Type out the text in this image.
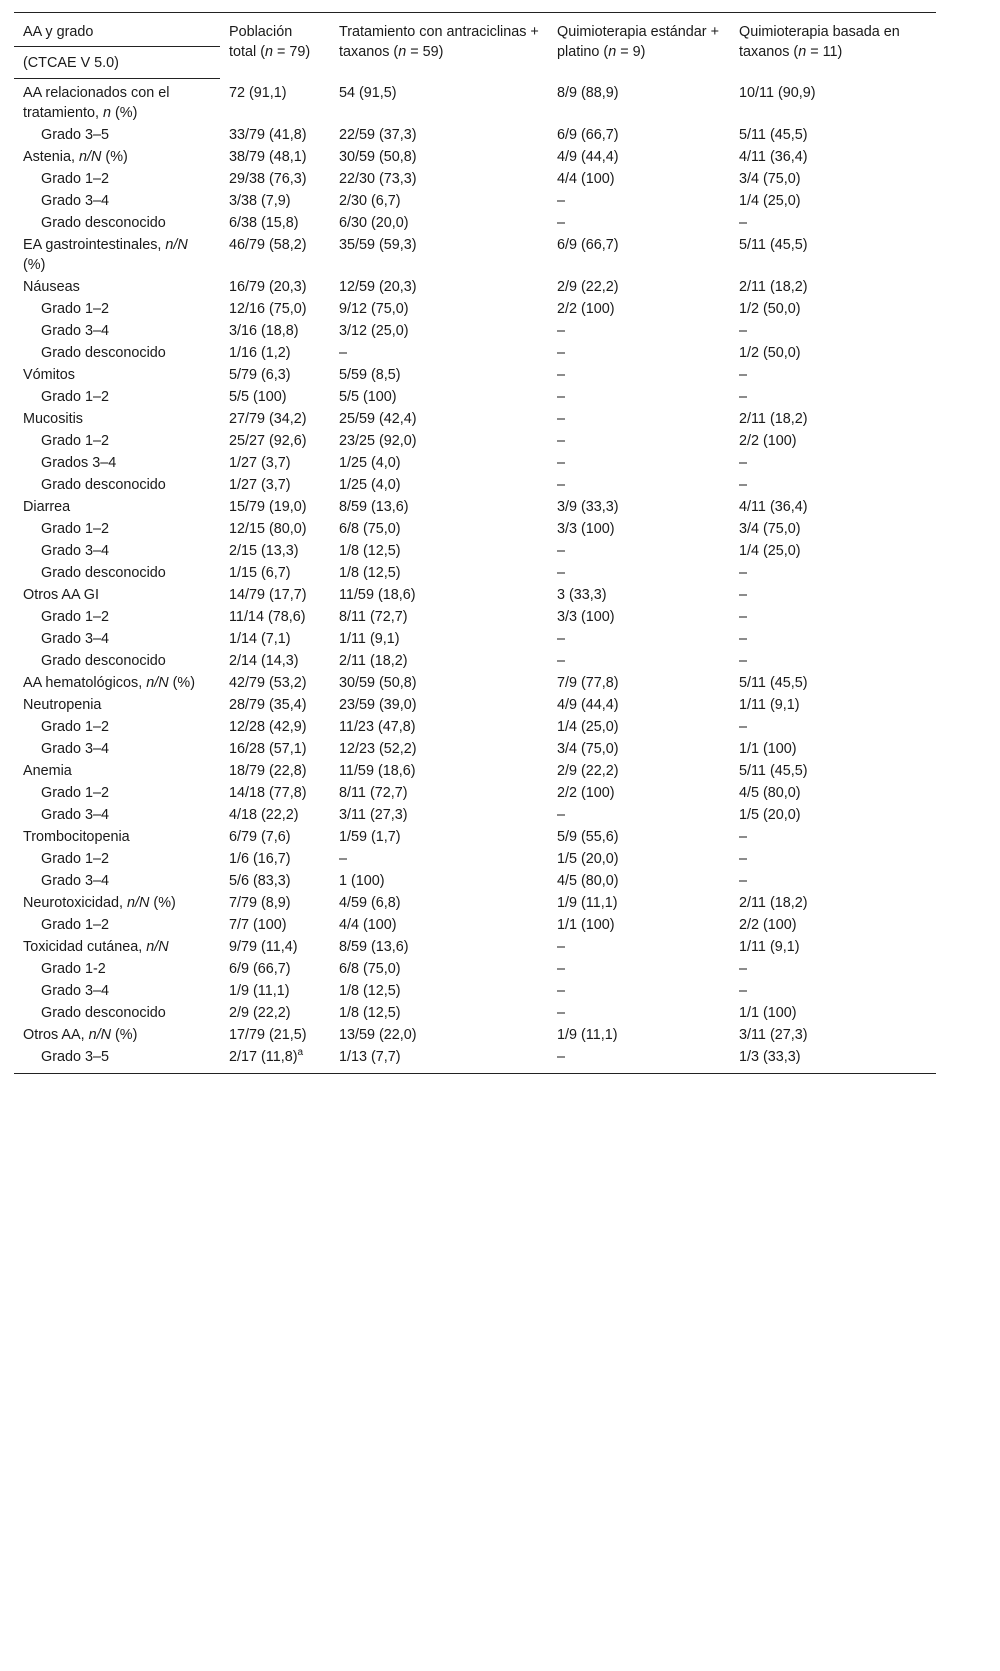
AA y grado	Población total (n = 79)	Tratamiento con antraciclinas + taxanos (n = 59)	Quimioterapia estándar + platino (n = 9)	Quimioterapia basada en taxanos (n = 11)
(CTCAE V 5.0)				
AA relacionados con el tratamiento, n (%)	72 (91,1)	54 (91,5)	8/9 (88,9)	10/11 (90,9)
Grado 3–5	33/79 (41,8)	22/59 (37,3)	6/9 (66,7)	5/11 (45,5)
Astenia, n/N (%)	38/79 (48,1)	30/59 (50,8)	4/9 (44,4)	4/11 (36,4)
Grado 1–2	29/38 (76,3)	22/30 (73,3)	4/4 (100)	3/4 (75,0)
Grado 3–4	3/38 (7,9)	2/30 (6,7)	–	1/4 (25,0)
Grado desconocido	6/38 (15,8)	6/30 (20,0)	–	–
EA gastrointestinales, n/N (%)	46/79 (58,2)	35/59 (59,3)	6/9 (66,7)	5/11 (45,5)
Náuseas	16/79 (20,3)	12/59 (20,3)	2/9 (22,2)	2/11 (18,2)
Grado 1–2	12/16 (75,0)	9/12 (75,0)	2/2 (100)	1/2 (50,0)
Grado 3–4	3/16 (18,8)	3/12 (25,0)	–	–
Grado desconocido	1/16 (1,2)	–	–	1/2 (50,0)
Vómitos	5/79 (6,3)	5/59 (8,5)	–	–
Grado 1–2	5/5 (100)	5/5 (100)	–	–
Mucositis	27/79 (34,2)	25/59 (42,4)	–	2/11 (18,2)
Grado 1–2	25/27 (92,6)	23/25 (92,0)	–	2/2 (100)
Grados 3–4	1/27 (3,7)	1/25 (4,0)	–	–
Grado desconocido	1/27 (3,7)	1/25 (4,0)	–	–
Diarrea	15/79 (19,0)	8/59 (13,6)	3/9 (33,3)	4/11 (36,4)
Grado 1–2	12/15 (80,0)	6/8 (75,0)	3/3 (100)	3/4 (75,0)
Grado 3–4	2/15 (13,3)	1/8 (12,5)	–	1/4 (25,0)
Grado desconocido	1/15 (6,7)	1/8 (12,5)	–	–
Otros AA GI	14/79 (17,7)	11/59 (18,6)	3 (33,3)	–
Grado 1–2	11/14 (78,6)	8/11 (72,7)	3/3 (100)	–
Grado 3–4	1/14 (7,1)	1/11 (9,1)	–	–
Grado desconocido	2/14 (14,3)	2/11 (18,2)	–	–
AA hematológicos, n/N (%)	42/79 (53,2)	30/59 (50,8)	7/9 (77,8)	5/11 (45,5)
Neutropenia	28/79 (35,4)	23/59 (39,0)	4/9 (44,4)	1/11 (9,1)
Grado 1–2	12/28 (42,9)	11/23 (47,8)	1/4 (25,0)	–
Grado 3–4	16/28 (57,1)	12/23 (52,2)	3/4 (75,0)	1/1 (100)
Anemia	18/79 (22,8)	11/59 (18,6)	2/9 (22,2)	5/11 (45,5)
Grado 1–2	14/18 (77,8)	8/11 (72,7)	2/2 (100)	4/5 (80,0)
Grado 3–4	4/18 (22,2)	3/11 (27,3)	–	1/5 (20,0)
Trombocitopenia	6/79 (7,6)	1/59 (1,7)	5/9 (55,6)	–
Grado 1–2	1/6 (16,7)	–	1/5 (20,0)	–
Grado 3–4	5/6 (83,3)	1 (100)	4/5 (80,0)	–
Neurotoxicidad, n/N (%)	7/79 (8,9)	4/59 (6,8)	1/9 (11,1)	2/11 (18,2)
Grado 1–2	7/7 (100)	4/4 (100)	1/1 (100)	2/2 (100)
Toxicidad cutánea, n/N	9/79 (11,4)	8/59 (13,6)	–	1/11 (9,1)
Grado 1-2	6/9 (66,7)	6/8 (75,0)	–	–
Grado 3–4	1/9 (11,1)	1/8 (12,5)	–	–
Grado desconocido	2/9 (22,2)	1/8 (12,5)	–	1/1 (100)
Otros AA, n/N (%)	17/79 (21,5)	13/59 (22,0)	1/9 (11,1)	3/11 (27,3)
Grado 3–5	2/17 $(11,8)^a$	1/13 (7,7)	–	1/3 (33,3)
